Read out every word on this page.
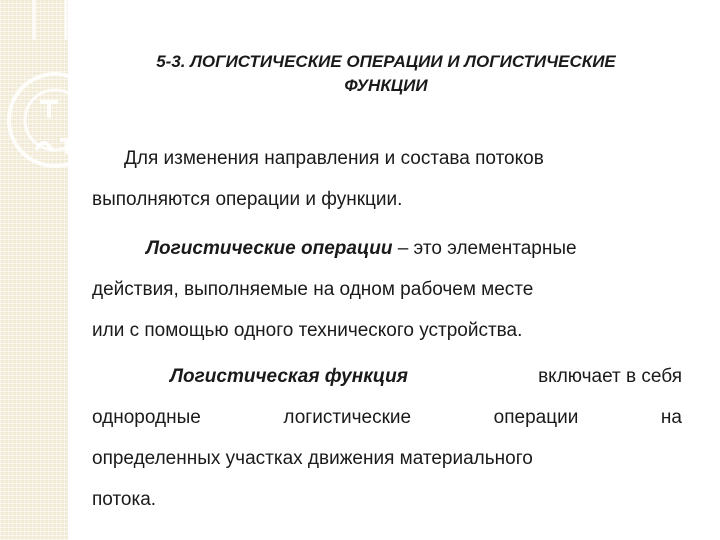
5-3. ЛОГИСТИЧЕСКИЕ ОПЕРАЦИИ И ЛОГИСТИЧЕСКИЕ
ФУНКЦИИ
Для изменения направления и состава потоков
выполняются операции и функции.
Логистические операции – это элементарные
действия, выполняемые на одном рабочем месте
или с помощью одного технического устройства.
Логистическая функция	включает в себя
однородные	логистические	операции	на
определенных участках движения материального
потока.
